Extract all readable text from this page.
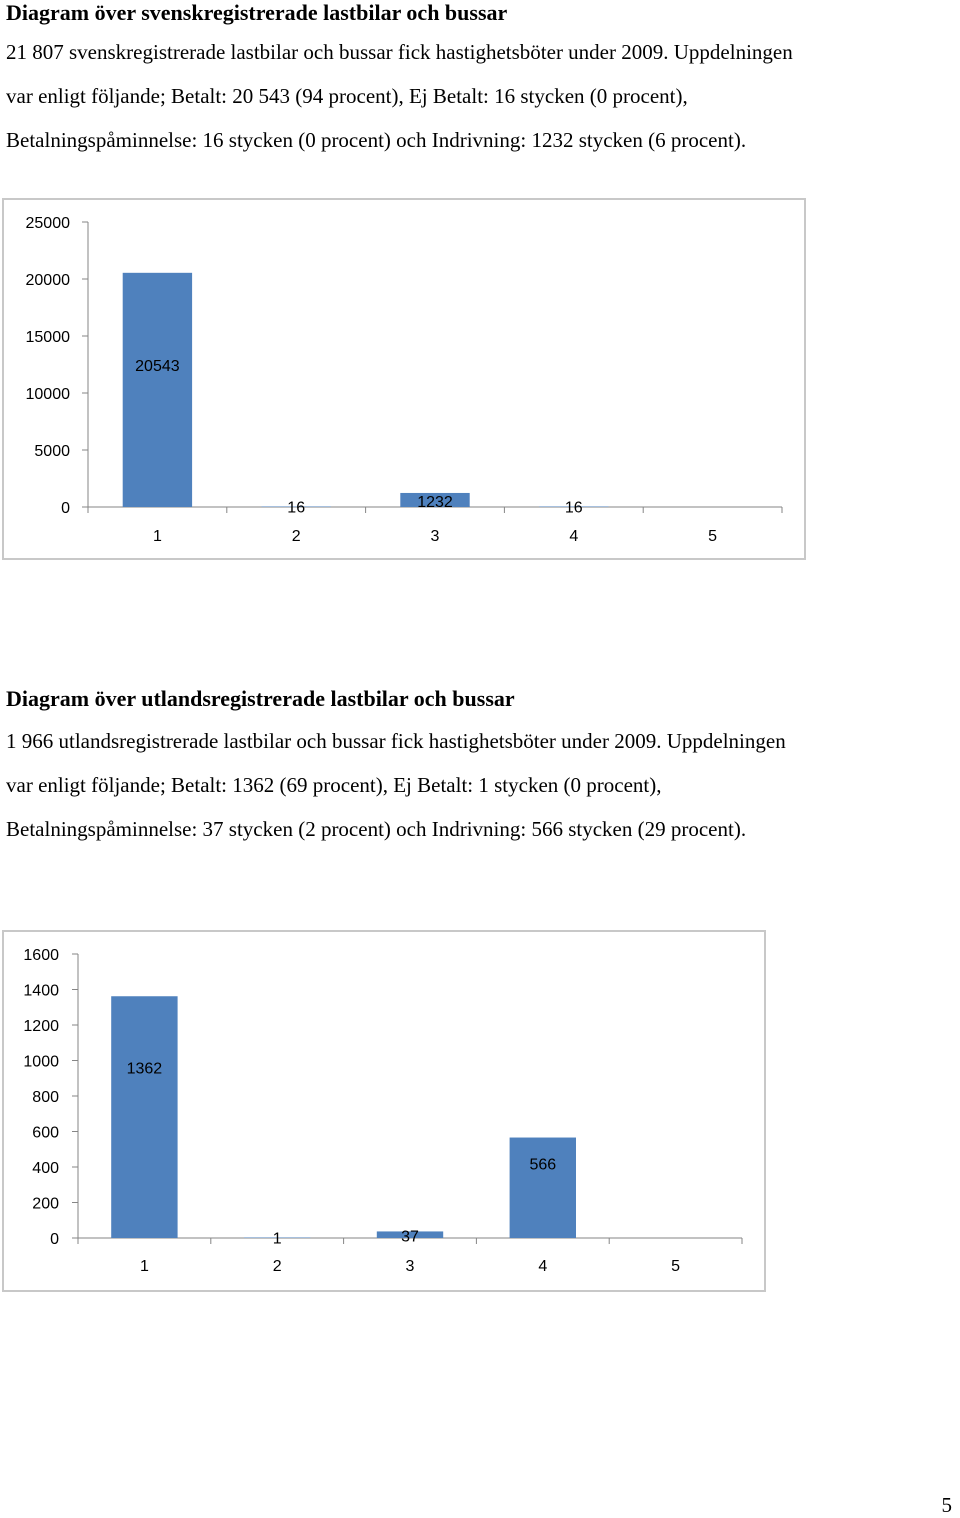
Diagram över svenskregistrerade lastbilar och bussar
21 807 svenskregistrerade lastbilar och bussar fick hastighetsböter under 2009. Uppdelningen
var enligt följande; Betalt: 20 543 (94 procent), Ej Betalt: 16 stycken (0 procent),
Betalningspåminnelse: 16 stycken (0 procent) och Indrivning: 1232 stycken (6 procent).
0
5000
10000
15000
20000
25000
1	2	3	4	5
20543
16	1232	16
Diagram över utlandsregistrerade lastbilar och bussar
1 966 utlandsregistrerade lastbilar och bussar fick hastighetsböter under 2009. Uppdelningen
var enligt följande; Betalt: 1362 (69 procent), Ej Betalt: 1 stycken (0 procent),
Betalningspåminnelse: 37 stycken (2 procent) och Indrivning: 566 stycken (29 procent).
0
200
400
600
800
1000
1200
1400
1600
1	2	3	4	5
1362
1	37
566
5
